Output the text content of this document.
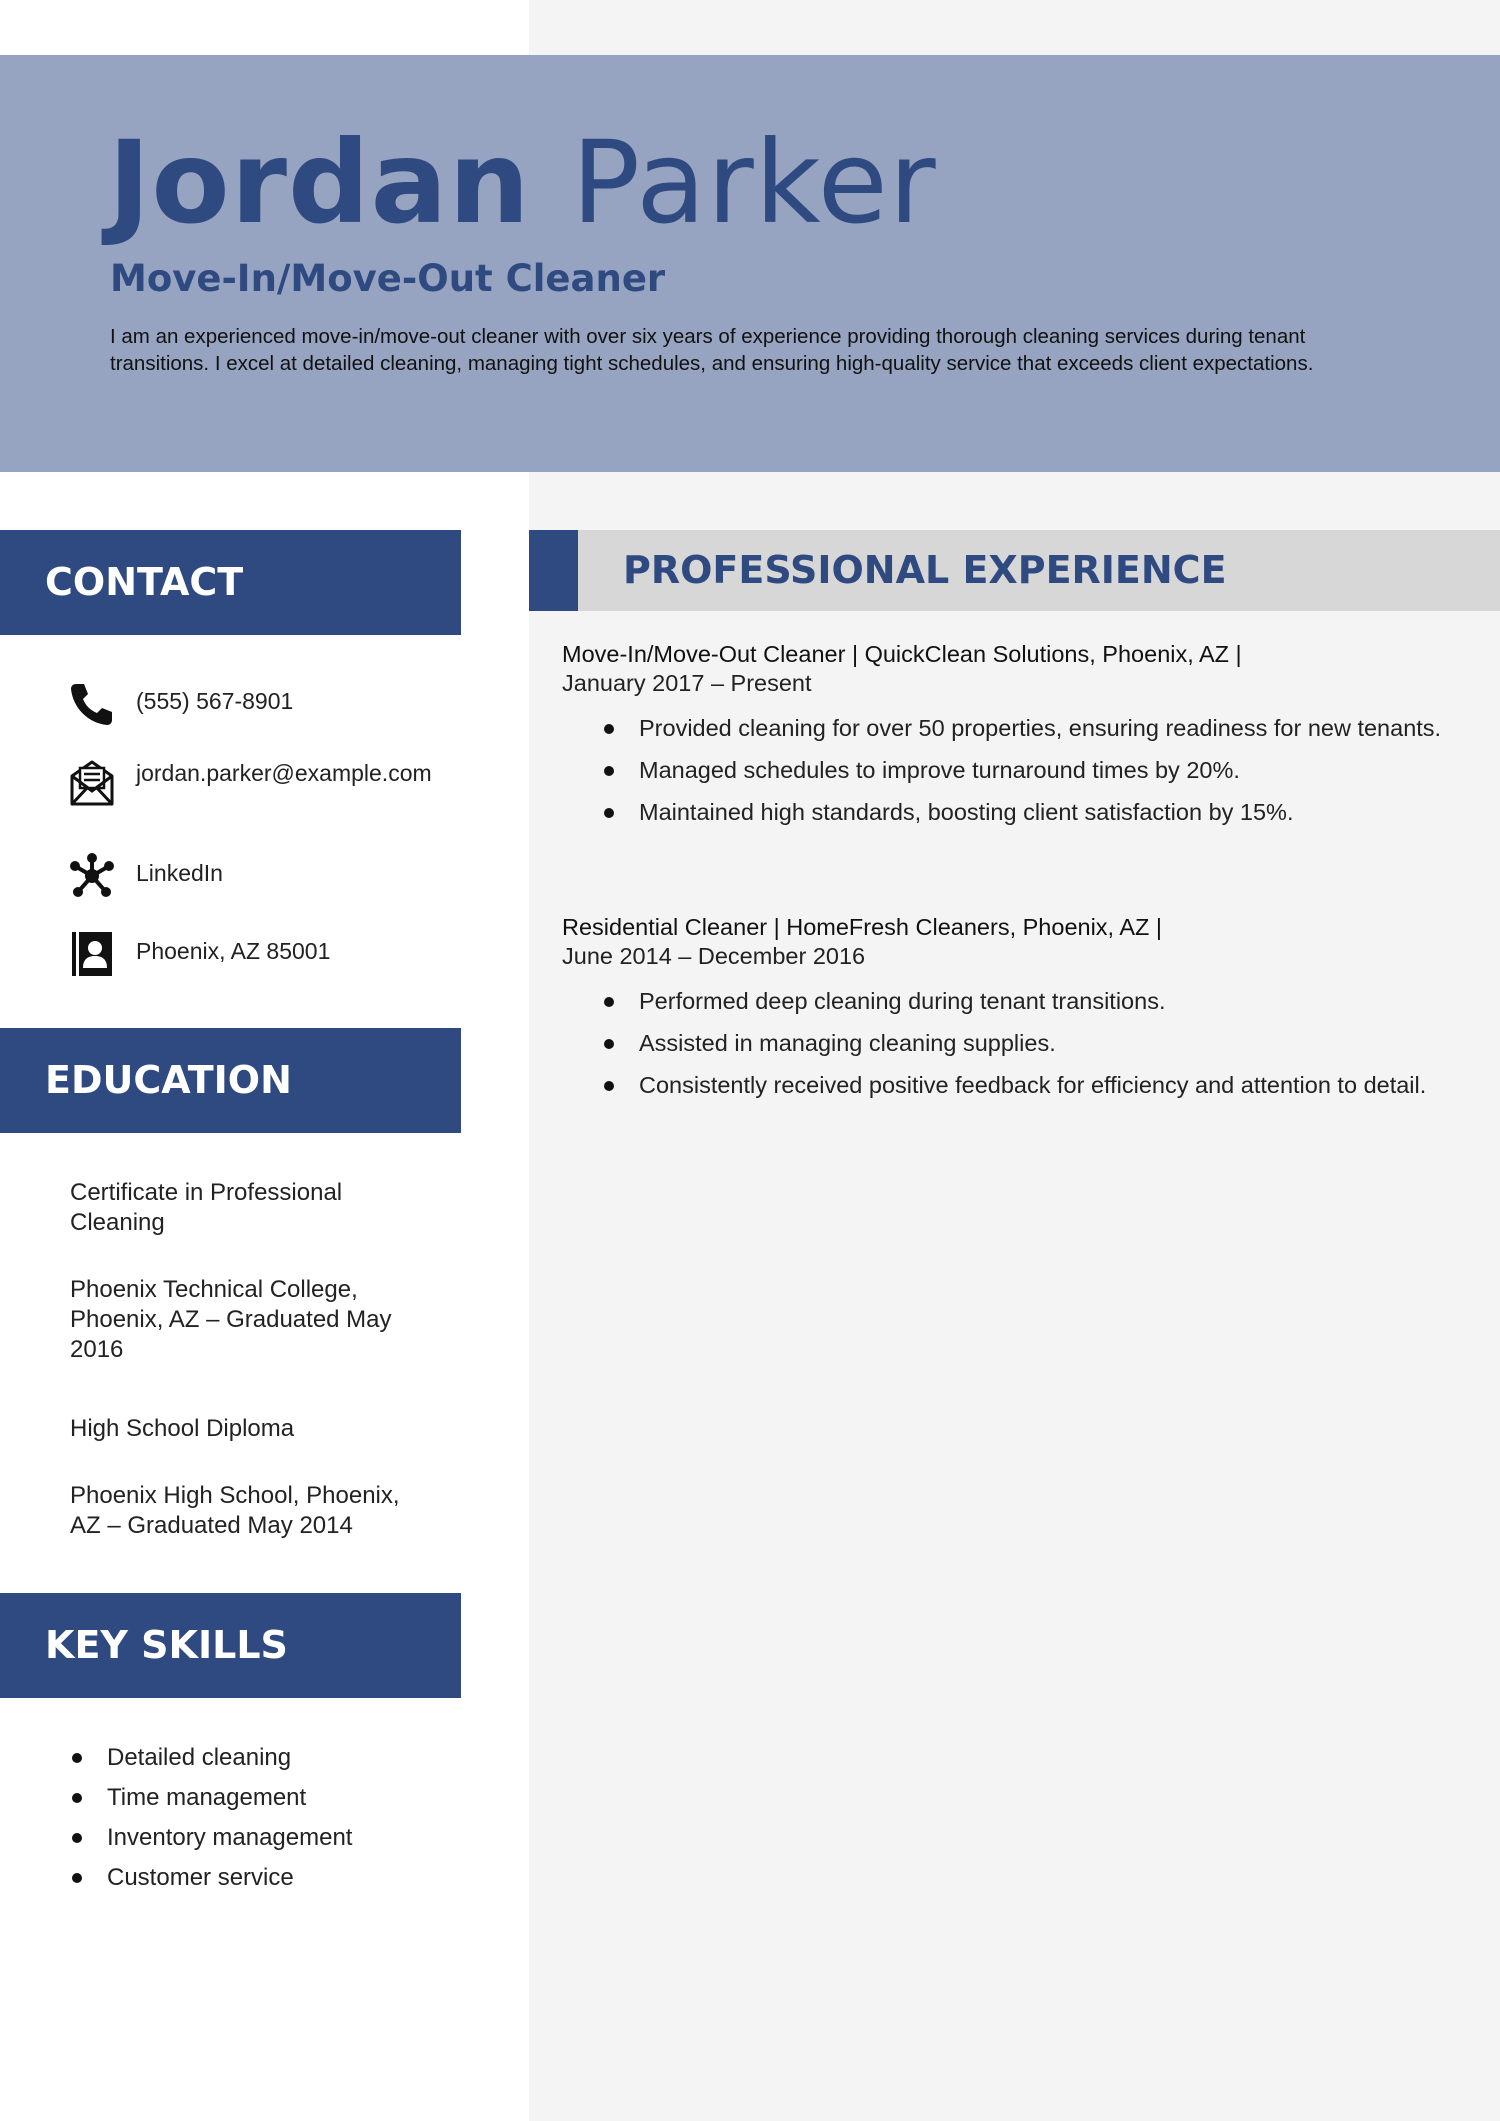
Jordan Parker
Move-In/Move-Out Cleaner

I am an experienced move-in/move-out cleaner with over six years of experience providing thorough cleaning services during tenant transitions. I excel at detailed cleaning, managing tight schedules, and ensuring high-quality service that exceeds client expectations.

CONTACT
(555) 567-8901
jordan.parker@example.com
LinkedIn
Phoenix, AZ 85001
EDUCATION

Certificate in Professional Cleaning

Phoenix Technical College, Phoenix, AZ – Graduated May 2016

High School Diploma

Phoenix High School, Phoenix, AZ – Graduated May 2014

KEY SKILLS
Detailed cleaning
Time management
Inventory management
Customer service
PROFESSIONAL EXPERIENCE
Move-In/Move-Out Cleaner | QuickClean Solutions, Phoenix, AZ |
January 2017 – Present
Provided cleaning for over 50 properties, ensuring readiness for new tenants.
Managed schedules to improve turnaround times by 20%.
Maintained high standards, boosting client satisfaction by 15%.
Residential Cleaner | HomeFresh Cleaners, Phoenix, AZ |
June 2014 – December 2016
Performed deep cleaning during tenant transitions.
Assisted in managing cleaning supplies.
Consistently received positive feedback for efficiency and attention to detail.
